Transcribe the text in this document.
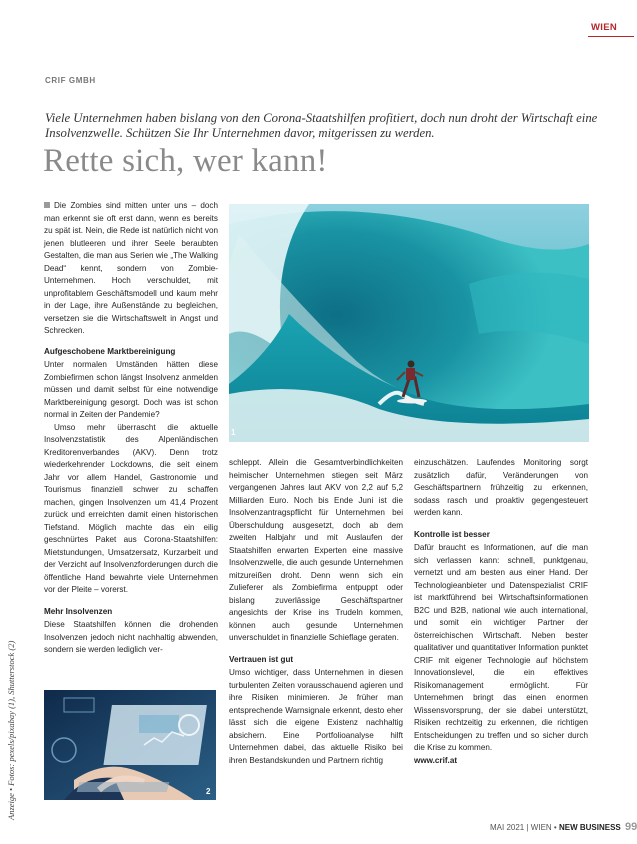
WIEN
CRIF GMBH
Viele Unternehmen haben bislang von den Corona-Staatshilfen profitiert, doch nun droht der Wirtschaft eine Insolvenzwelle. Schützen Sie Ihr Unternehmen davor, mitgerissen zu werden.
Rette sich, wer kann!

Die Zombies sind mitten unter uns – doch man erkennt sie oft erst dann, wenn es bereits zu spät ist. Nein, die Rede ist natürlich nicht von jenen blutleeren und ihrer Seele beraubten Gestalten, die man aus Serien wie „The Walking Dead“ kennt, sondern von Zombie-Unternehmen. Hoch verschuldet, mit unprofitablem Geschäftsmodell und kaum mehr in der Lage, ihre Außenstände zu begleichen, versetzen sie die Wirtschaftswelt in Angst und Schrecken.

Aufgeschobene Marktbereinigung

Unter normalen Umständen hätten diese Zombiefirmen schon längst Insolvenz anmelden müssen und damit selbst für eine notwendige Marktbereinigung gesorgt. Doch was ist schon normal in Zeiten der Pandemie?

Umso mehr überrascht die aktuelle Insolvenzstatistik des Alpenländischen Kreditorenverbandes (AKV). Denn trotz wiederkehrender Lockdowns, die seit einem Jahr vor allem Handel, Gastronomie und Tourismus finanziell schwer zu schaffen machen, gingen Insolvenzen um 41,4 Prozent zurück und erreichten damit einen historischen Tiefstand. Möglich machte das ein eilig geschnürtes Paket aus Corona-Staatshilfen: Mietstundungen, Umsatzersatz, Kurzarbeit und der Verzicht auf Insolvenzforderungen durch die öffentliche Hand bewahrte viele Unternehmen vor der Pleite – vorerst.

Mehr Insolvenzen

Diese Staatshilfen können die drohenden Insolvenzen jedoch nicht nachhaltig abwenden, sondern sie werden lediglich ver-

1
2

schleppt. Allein die Gesamtverbindlichkeiten heimischer Unternehmen stiegen seit März vergangenen Jahres laut AKV von 2,2 auf 5,2 Milliarden Euro. Noch bis Ende Juni ist die Insolvenzantragspflicht für Unternehmen bei Überschuldung ausgesetzt, doch ab dem zweiten Halbjahr und mit Auslaufen der Staatshilfen erwarten Experten eine massive Insolvenzwelle, die auch gesunde Unternehmen mitzureißen droht. Denn wenn sich ein Zulieferer als Zombiefirma entpuppt oder bislang zuverlässige Geschäftspartner angesichts der Krise ins Trudeln kommen, können auch gesunde Unternehmen unverschuldet in finanzielle Schieflage geraten.

Vertrauen ist gut

Umso wichtiger, dass Unternehmen in diesen turbulenten Zeiten vorausschauend agieren und ihre Risiken minimieren. Je früher man entsprechende Warnsignale erkennt, desto eher lässt sich die eigene Existenz nachhaltig absichern. Eine Portfolioanalyse hilft Unternehmen dabei, das aktuelle Risiko bei ihren Bestandskunden und Partnern richtig

einzuschätzen. Laufendes Monitoring sorgt zusätzlich dafür, Veränderungen von Geschäftspartnern frühzeitig zu erkennen, sodass rasch und proaktiv gegengesteuert werden kann.

Kontrolle ist besser

Dafür braucht es Informationen, auf die man sich verlassen kann: schnell, punktgenau, vernetzt und am besten aus einer Hand. Der Technologieanbieter und Datenspezialist CRIF ist marktführend bei Wirtschaftsinformationen B2C und B2B, national wie auch international, und somit ein wichtiger Partner der österreichischen Wirtschaft. Neben bester qualitativer und quantitativer Information punktet CRIF mit eigener Technologie auf höchstem Innovationslevel, die ein effektives Risikomanagement ermöglicht. Für Unternehmen bringt das einen enormen Wissensvorsprung, der sie dabei unterstützt, Risiken rechtzeitig zu erkennen, die richtigen Entscheidungen zu treffen und so sicher durch die Krise zu kommen.

www.crif.at
Anzeige • Fotos: pexels/pixabay (1), Shutterstock (2)
MAI 2021 | WIEN • NEW BUSINESS 99
